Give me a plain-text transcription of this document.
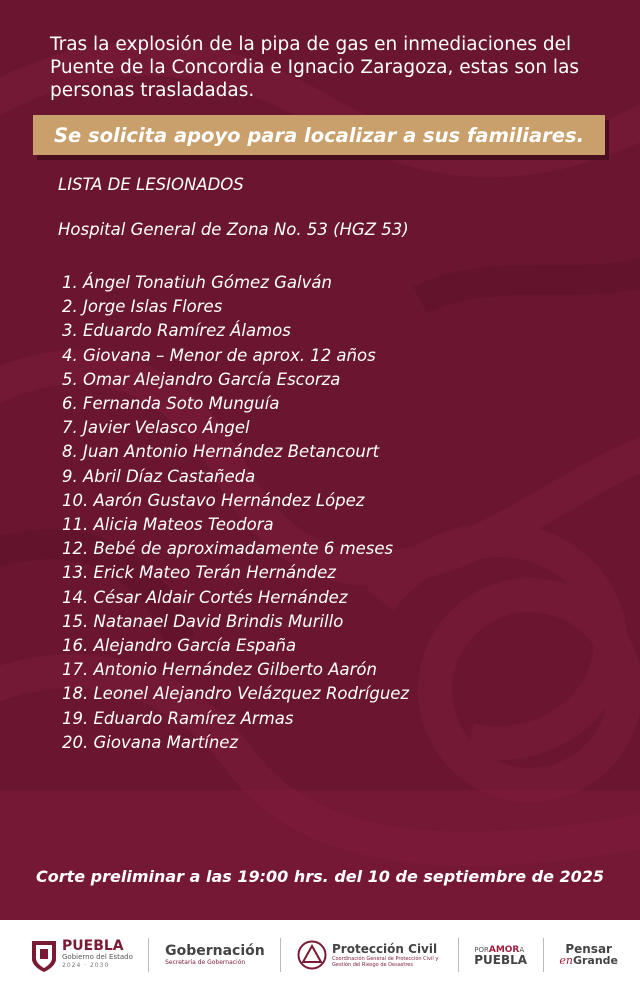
Tras la explosión de la pipa de gas en inmediaciones del Puente de la Concordia e Ignacio Zaragoza, estas son las personas trasladadas.
Se solicita apoyo para localizar a sus familiares.
LISTA DE LESIONADOS
Hospital General de Zona No. 53 (HGZ 53)
1. Ángel Tonatiuh Gómez Galván
2. Jorge Islas Flores
3. Eduardo Ramírez Álamos
4. Giovana – Menor de aprox. 12 años
5. Omar Alejandro García Escorza
6. Fernanda Soto Munguía
7. Javier Velasco Ángel
8. Juan Antonio Hernández Betancourt
9. Abril Díaz Castañeda
10. Aarón Gustavo Hernández López
11. Alicia Mateos Teodora
12. Bebé de aproximadamente 6 meses
13. Erick Mateo Terán Hernández
14. César Aldair Cortés Hernández
15. Natanael David Brindis Murillo
16. Alejandro García España
17. Antonio Hernández Gilberto Aarón
18. Leonel Alejandro Velázquez Rodríguez
19. Eduardo Ramírez Armas
20. Giovana Martínez
Corte preliminar a las 19:00 hrs. del 10 de septiembre de 2025
PUEBLA
Gobierno del Estado
2024 · 2030
Gobernación
Secretaría de Gobernación
Protección Civil
Coordinación General de Protección Civil y Gestión del Riesgo de Desastres
PORAMORA
PUEBLA
Pensar
enGrande
